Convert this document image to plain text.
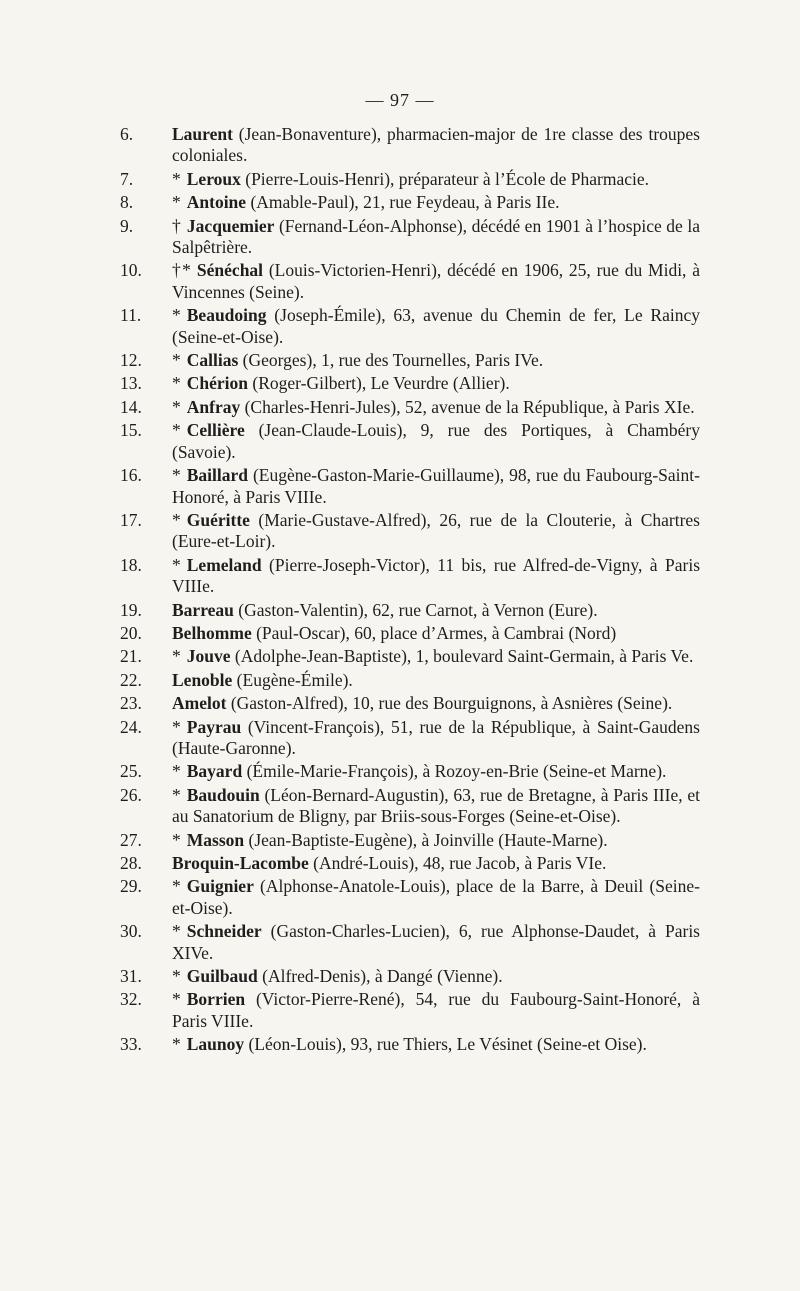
— 97 —
6.	Laurent (Jean-Bonaventure), pharmacien-major de 1re classe des troupes coloniales.
7.	* Leroux (Pierre-Louis-Henri), préparateur à l’École de Pharmacie.
8.	* Antoine (Amable-Paul), 21, rue Feydeau, à Paris IIe.
9.	† Jacquemier (Fernand-Léon-Alphonse), décédé en 1901 à l’hospice de la Salpêtrière.
10.	†* Sénéchal (Louis-Victorien-Henri), décédé en 1906, 25, rue du Midi, à Vincennes (Seine).
11.	* Beaudoing (Joseph-Émile), 63, avenue du Chemin de fer, Le Raincy (Seine-et-Oise).
12.	* Callias (Georges), 1, rue des Tournelles, Paris IVe.
13.	* Chérion (Roger-Gilbert), Le Veurdre (Allier).
14.	* Anfray (Charles-Henri-Jules), 52, avenue de la République, à Paris XIe.
15.	* Cellière (Jean-Claude-Louis), 9, rue des Portiques, à Chambéry (Savoie).
16.	* Baillard (Eugène-Gaston-Marie-Guillaume), 98, rue du Faubourg-Saint-Honoré, à Paris VIIIe.
17.	* Guéritte (Marie-Gustave-Alfred), 26, rue de la Clouterie, à Chartres (Eure-et-Loir).
18.	* Lemeland (Pierre-Joseph-Victor), 11 bis, rue Alfred-de-Vigny, à Paris VIIIe.
19.	Barreau (Gaston-Valentin), 62, rue Carnot, à Vernon (Eure).
20.	Belhomme (Paul-Oscar), 60, place d’Armes, à Cambrai (Nord)
21.	* Jouve (Adolphe-Jean-Baptiste), 1, boulevard Saint-Germain, à Paris Ve.
22.	Lenoble (Eugène-Émile).
23.	Amelot (Gaston-Alfred), 10, rue des Bourguignons, à Asnières (Seine).
24.	* Payrau (Vincent-François), 51, rue de la République, à Saint-Gaudens (Haute-Garonne).
25.	* Bayard (Émile-Marie-François), à Rozoy-en-Brie (Seine-et Marne).
26.	* Baudouin (Léon-Bernard-Augustin), 63, rue de Bretagne, à Paris IIIe, et au Sanatorium de Bligny, par Briis-sous-Forges (Seine-et-Oise).
27.	* Masson (Jean-Baptiste-Eugène), à Joinville (Haute-Marne).
28.	Broquin-Lacombe (André-Louis), 48, rue Jacob, à Paris VIe.
29.	* Guignier (Alphonse-Anatole-Louis), place de la Barre, à Deuil (Seine-et-Oise).
30.	* Schneider (Gaston-Charles-Lucien), 6, rue Alphonse-Daudet, à Paris XIVe.
31.	* Guilbaud (Alfred-Denis), à Dangé (Vienne).
32.	* Borrien (Victor-Pierre-René), 54, rue du Faubourg-Saint-Honoré, à Paris VIIIe.
33.	* Launoy (Léon-Louis), 93, rue Thiers, Le Vésinet (Seine-et Oise).
